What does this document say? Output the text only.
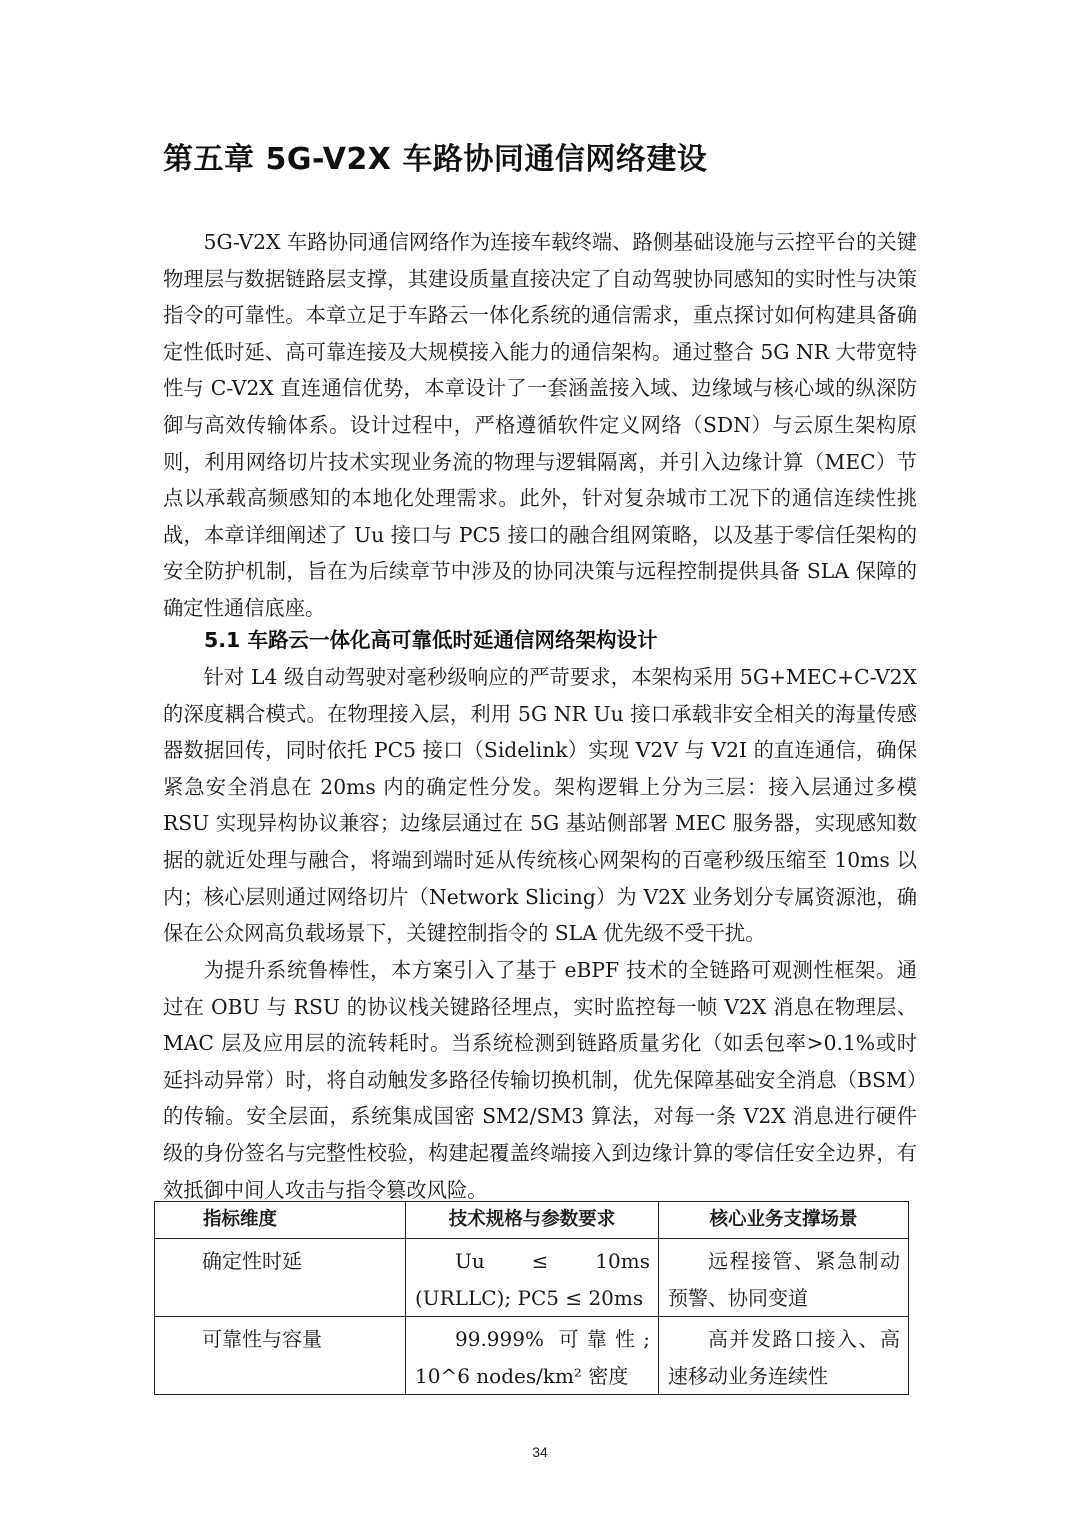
第五章 5G-V2X 车路协同通信网络建设

5G-V2X 车路协同通信网络作为连接车载终端、路侧基础设施与云控平台的关键物理层与数据链路层支撑，其建设质量直接决定了自动驾驶协同感知的实时性与决策指令的可靠性。本章立足于车路云一体化系统的通信需求，重点探讨如何构建具备确定性低时延、高可靠连接及大规模接入能力的通信架构。通过整合 5G NR 大带宽特性与 C-V2X 直连通信优势，本章设计了一套涵盖接入域、边缘域与核心域的纵深防御与高效传输体系。设计过程中，严格遵循软件定义网络（SDN）与云原生架构原则，利用网络切片技术实现业务流的物理与逻辑隔离，并引入边缘计算（MEC）节点以承载高频感知的本地化处理需求。此外，针对复杂城市工况下的通信连续性挑战，本章详细阐述了 Uu 接口与 PC5 接口的融合组网策略，以及基于零信任架构的安全防护机制，旨在为后续章节中涉及的协同决策与远程控制提供具备 SLA 保障的确定性通信底座。

5.1 车路云一体化高可靠低时延通信网络架构设计

针对 L4 级自动驾驶对毫秒级响应的严苛要求，本架构采用 5G+MEC+C-V2X 的深度耦合模式。在物理接入层，利用 5G NR Uu 接口承载非安全相关的海量传感器数据回传，同时依托 PC5 接口（Sidelink）实现 V2V 与 V2I 的直连通信，确保紧急安全消息在 20ms 内的确定性分发。架构逻辑上分为三层：接入层通过多模 RSU 实现异构协议兼容；边缘层通过在 5G 基站侧部署 MEC 服务器，实现感知数据的就近处理与融合，将端到端时延从传统核心网架构的百毫秒级压缩至 10ms 以内；核心层则通过网络切片（Network Slicing）为 V2X 业务划分专属资源池，确保在公众网高负载场景下，关键控制指令的 SLA 优先级不受干扰。

为提升系统鲁棒性，本方案引入了基于 eBPF 技术的全链路可观测性框架。通过在 OBU 与 RSU 的协议栈关键路径埋点，实时监控每一帧 V2X 消息在物理层、MAC 层及应用层的流转耗时。当系统检测到链路质量劣化（如丢包率>0.1%或时延抖动异常）时，将自动触发多路径传输切换机制，优先保障基础安全消息（BSM）的传输。安全层面，系统集成国密 SM2/SM3 算法，对每一条 V2X 消息进行硬件级的身份签名与完整性校验，构建起覆盖终端接入到边缘计算的零信任安全边界，有效抵御中间人攻击与指令篡改风险。

指标维度	技术规格与参数要求	核心业务支撑场景
确定性时延	Uu ≤ 10ms (URLLC); PC5 ≤ 20ms	远程接管、紧急制动预警、协同变道
可靠性与容量	99.999% 可靠性; 10^6 nodes/km² 密度	高并发路口接入、高速移动业务连续性
34
